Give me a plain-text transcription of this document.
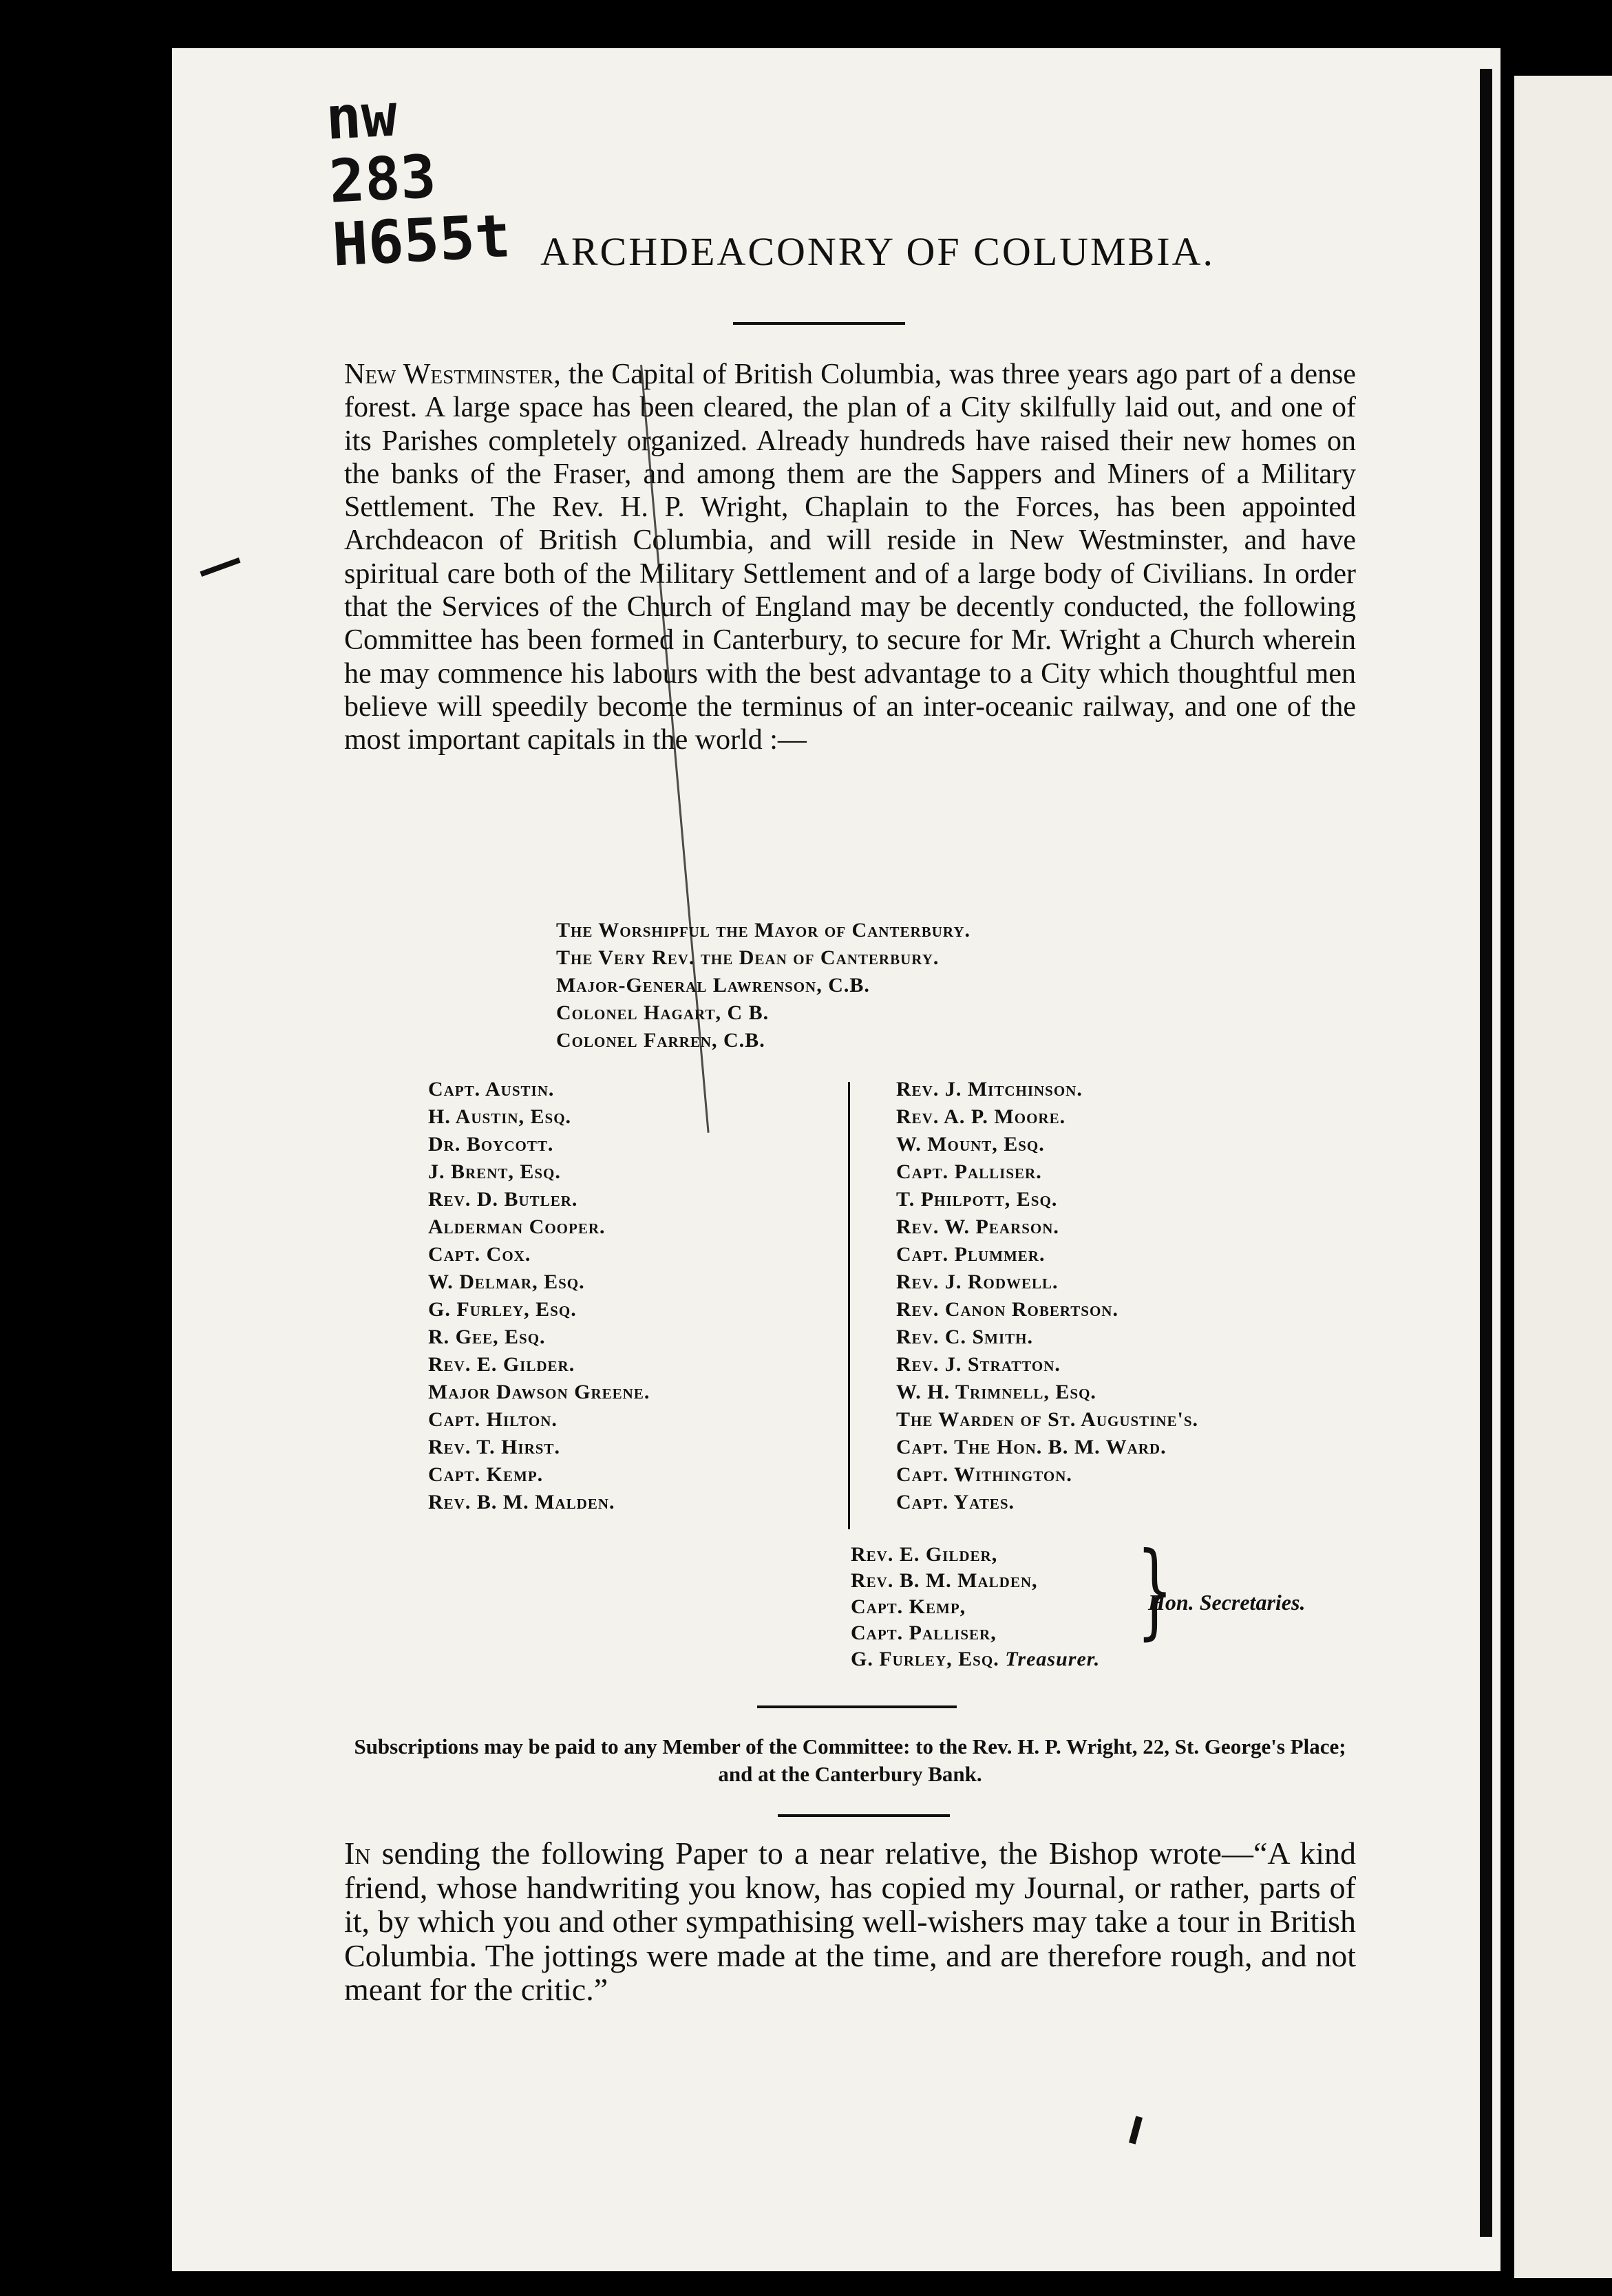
nw
283
H655t ARCHDEACONRY OF COLUMBIA.
New Westminster, the Capital of British Columbia, was three years ago part of a dense forest. A large space has been cleared, the plan of a City skilfully laid out, and one of its Parishes completely organized. Already hundreds have raised their new homes on the banks of the Fraser, and among them are the Sappers and Miners of a Military Settlement. The Rev. H. P. Wright, Chaplain to the Forces, has been appointed Archdeacon of British Columbia, and will reside in New Westminster, and have spiritual care both of the Military Settlement and of a large body of Civilians. In order that the Services of the Church of England may be decently conducted, the following Committee has been formed in Canterbury, to secure for Mr. Wright a Church wherein he may commence his labours with the best advantage to a City which thoughtful men believe will speedily become the terminus of an inter-oceanic railway, and one of the most important capitals in the world :—
The Worshipful the Mayor of Canterbury.
The Very Rev. the Dean of Canterbury.
Major-General Lawrenson, C.B.
Colonel Hagart, C B.
Colonel Farren, C.B.
Capt. Austin.
H. Austin, Esq.
Dr. Boycott.
J. Brent, Esq.
Rev. D. Butler.
Alderman Cooper.
Capt. Cox.
W. Delmar, Esq.
G. Furley, Esq.
R. Gee, Esq.
Rev. E. Gilder.
Major Dawson Greene.
Capt. Hilton.
Rev. T. Hirst.
Capt. Kemp.
Rev. B. M. Malden.
Rev. J. Mitchinson.
Rev. A. P. Moore.
W. Mount, Esq.
Capt. Palliser.
T. Philpott, Esq.
Rev. W. Pearson.
Capt. Plummer.
Rev. J. Rodwell.
Rev. Canon Robertson.
Rev. C. Smith.
Rev. J. Stratton.
W. H. Trimnell, Esq.
The Warden of St. Augustine's.
Capt. The Hon. B. M. Ward.
Capt. Withington.
Capt. Yates.
Rev. E. Gilder,
Rev. B. M. Malden,
Capt. Kemp,
Capt. Palliser,
G. Furley, Esq. Treasurer.
}
Hon. Secretaries.
Subscriptions may be paid to any Member of the Committee: to the Rev. H. P. Wright, 22, St. George's Place; and at the Canterbury Bank.
In sending the following Paper to a near relative, the Bishop wrote—“A kind friend, whose handwriting you know, has copied my Journal, or rather, parts of it, by which you and other sympathising well-wishers may take a tour in British Columbia. The jottings were made at the time, and are therefore rough, and not meant for the critic.”
